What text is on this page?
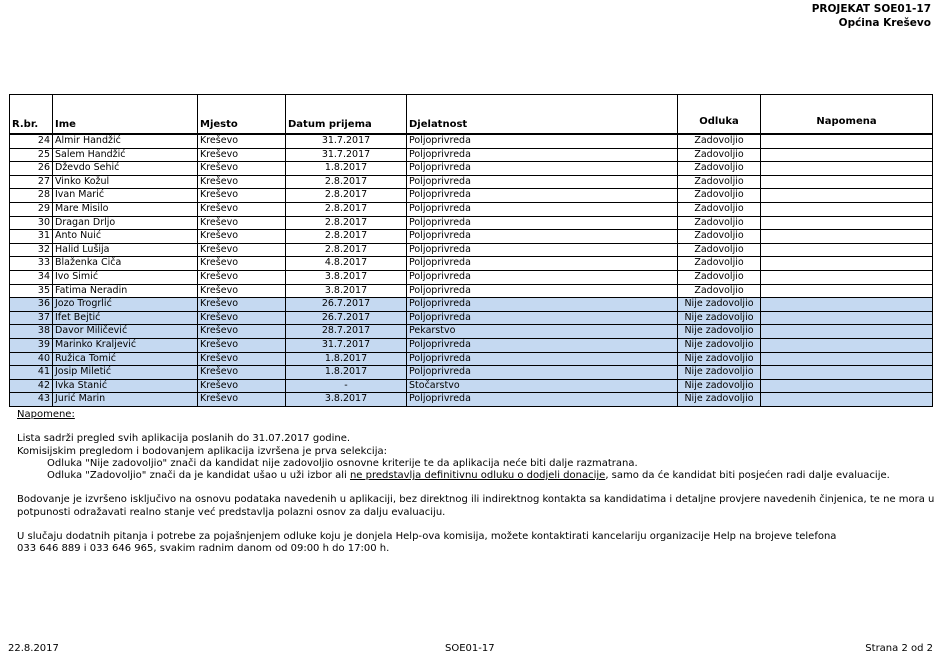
PROJEKAT SOE01-17
Općina Kreševo
R.br.	Ime	Mjesto	Datum prijema	Djelatnost	Odluka	Napomena
24	Almir Handžić	Kreševo	31.7.2017	Poljoprivreda	Zadovoljio	
25	Salem Handžić	Kreševo	31.7.2017	Poljoprivreda	Zadovoljio	
26	Dževdo Šehić	Kreševo	1.8.2017	Poljoprivreda	Zadovoljio	
27	Vinko Kožul	Kreševo	2.8.2017	Poljoprivreda	Zadovoljio	
28	Ivan Marić	Kreševo	2.8.2017	Poljoprivreda	Zadovoljio	
29	Mare Misilo	Kreševo	2.8.2017	Poljoprivreda	Zadovoljio	
30	Dragan Drljo	Kreševo	2.8.2017	Poljoprivreda	Zadovoljio	
31	Anto Nuić	Kreševo	2.8.2017	Poljoprivreda	Zadovoljio	
32	Halid Lušija	Kreševo	2.8.2017	Poljoprivreda	Zadovoljio	
33	Blaženka Čiča	Kreševo	4.8.2017	Poljoprivreda	Zadovoljio	
34	Ivo Šimić	Kreševo	3.8.2017	Poljoprivreda	Zadovoljio	
35	Fatima Neradin	Kreševo	3.8.2017	Poljoprivreda	Zadovoljio	
36	Jozo Trogrlić	Kreševo	26.7.2017	Poljoprivreda	Nije zadovoljio	
37	Ifet Bejtić	Kreševo	26.7.2017	Poljoprivreda	Nije zadovoljio	
38	Davor Miličević	Kreševo	28.7.2017	Pekarstvo	Nije zadovoljio	
39	Marinko Kraljević	Kreševo	31.7.2017	Poljoprivreda	Nije zadovoljio	
40	Ružica Tomić	Kreševo	1.8.2017	Poljoprivreda	Nije zadovoljio	
41	Josip Miletić	Kreševo	1.8.2017	Poljoprivreda	Nije zadovoljio	
42	Ivka Stanić	Kreševo	-	Stočarstvo	Nije zadovoljio	
43	Jurić Marin	Kreševo	3.8.2017	Poljoprivreda	Nije zadovoljio	

Napomene:

Lista sadrži pregled svih aplikacija poslanih do 31.07.2017 godine.

Komisijskim pregledom i bodovanjem aplikacija izvršena je prva selekcija:

Odluka "Nije zadovoljio" znači da kandidat nije zadovoljio osnovne kriterije te da aplikacija neće biti dalje razmatrana.

Odluka "Zadovoljio" znači da je kandidat ušao u uži izbor ali ne predstavlja definitivnu odluku o dodjeli donacije, samo da će kandidat biti posjećen radi dalje evaluacije.

Bodovanje je izvršeno isključivo na osnovu podataka navedenih u aplikaciji, bez direktnog ili indirektnog kontakta sa kandidatima i detaljne provjere navedenih činjenica, te ne mora u

potpunosti odražavati realno stanje već predstavlja polazni osnov za dalju evaluaciju.

U slučaju dodatnih pitanja i potrebe za pojašnjenjem odluke koju je donjela Help-ova komisija, možete kontaktirati kancelariju organizacije Help na brojeve telefona

033 646 889 i 033 646 965, svakim radnim danom od 09:00 h do 17:00 h.

22.8.2017	SOE01-17	Strana 2 od 2
